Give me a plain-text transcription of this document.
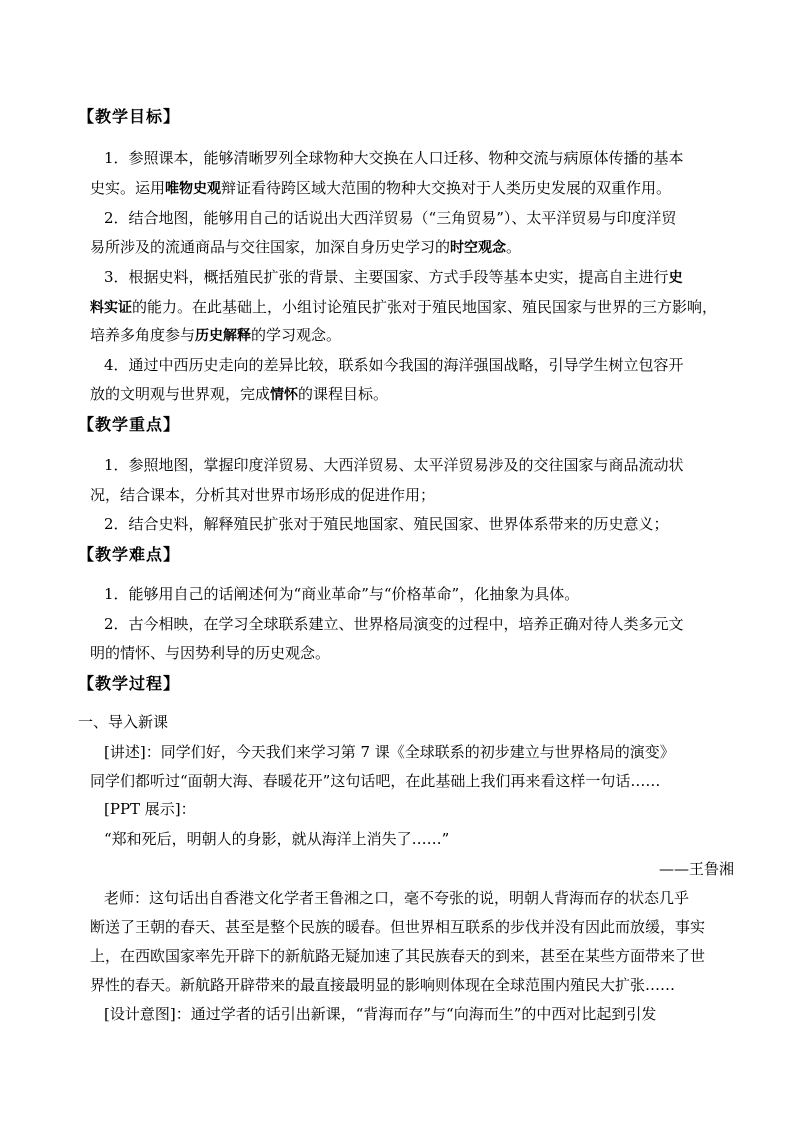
【教学目标】
1．参照课本，能够清晰罗列全球物种大交换在人口迁移、物种交流与病原体传播的基本
史实。运用唯物史观辩证看待跨区域大范围的物种大交换对于人类历史发展的双重作用。
2．结合地图，能够用自己的话说出大西洋贸易（“三角贸易”）、太平洋贸易与印度洋贸
易所涉及的流通商品与交往国家，加深自身历史学习的时空观念。
3．根据史料，概括殖民扩张的背景、主要国家、方式手段等基本史实，提高自主进行史
料实证的能力。在此基础上，小组讨论殖民扩张对于殖民地国家、殖民国家与世界的三方影响，
培养多角度参与历史解释的学习观念。
4．通过中西历史走向的差异比较，联系如今我国的海洋强国战略，引导学生树立包容开
放的文明观与世界观，完成情怀的课程目标。
【教学重点】
1．参照地图，掌握印度洋贸易、大西洋贸易、太平洋贸易涉及的交往国家与商品流动状
况，结合课本，分析其对世界市场形成的促进作用；
2．结合史料，解释殖民扩张对于殖民地国家、殖民国家、世界体系带来的历史意义；
【教学难点】
1．能够用自己的话阐述何为“商业革命”与“价格革命”，化抽象为具体。
2．古今相映，在学习全球联系建立、世界格局演变的过程中，培养正确对待人类多元文
明的情怀、与因势利导的历史观念。
【教学过程】
一、导入新课
[讲述]：同学们好，今天我们来学习第 7 课《全球联系的初步建立与世界格局的演变》
同学们都听过“面朝大海、春暖花开”这句话吧，在此基础上我们再来看这样一句话……
[PPT 展示]：
“郑和死后，明朝人的身影，就从海洋上消失了……”
——王鲁湘
老师：这句话出自香港文化学者王鲁湘之口，毫不夸张的说，明朝人背海而存的状态几乎
断送了王朝的春天、甚至是整个民族的暖春。但世界相互联系的步伐并没有因此而放缓，事实
上，在西欧国家率先开辟下的新航路无疑加速了其民族春天的到来，甚至在某些方面带来了世
界性的春天。新航路开辟带来的最直接最明显的影响则体现在全球范围内殖民大扩张……
[设计意图]：通过学者的话引出新课，“背海而存”与“向海而生”的中西对比起到引发
